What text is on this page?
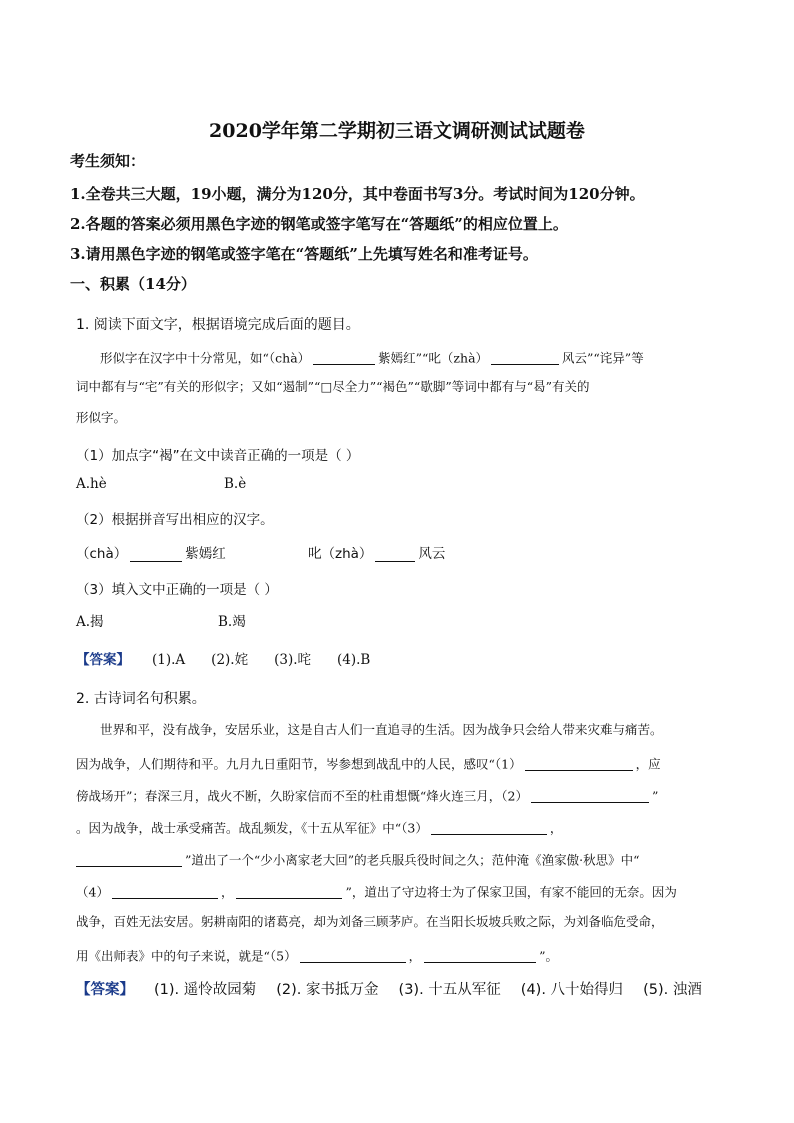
2020学年第二学期初三语文调研测试试题卷
考生须知：
1.全卷共三大题，19小题，满分为120分，其中卷面书写3分。考试时间为120分钟。
2.各题的答案必须用黑色字迹的钢笔或签字笔写在“答题纸”的相应位置上。
3.请用黑色字迹的钢笔或签字笔在“答题纸”上先填写姓名和准考证号。
一、积累（14分）
1. 阅读下面文字，根据语境完成后面的题目。
形似字在汉字中十分常见，如“（chà）	紫嫣红”“叱（zhà）	风云”“诧异”等
词中都有与“宅”有关的形似字；又如“遏制”“□尽全力”“褐色”“歇脚”等词中都有与“曷”有关的
形似字。
（1）加点字“褐”在文中读音正确的一项是（ ）
A.hè	B.è
（2）根据拼音写出相应的汉字。
（chà）	紫嫣红	叱（zhà）	风云
（3）填入文中正确的一项是（ ）
A.揭	B.竭
【答案】 (1).A (2).姹 (3).咤 (4).B
2. 古诗词名句积累。
世界和平，没有战争，安居乐业，这是自古人们一直追寻的生活。因为战争只会给人带来灾难与痛苦。
因为战争，人们期待和平。九月九日重阳节，岑参想到战乱中的人民，感叹“（1）	，应
傍战场开”；春深三月，战火不断，久盼家信而不至的杜甫想慨“烽火连三月，（2）	”
。因为战争，战士承受痛苦。战乱频发，《十五从军征》中“（3）	，
”道出了一个“少小离家老大回”的老兵服兵役时间之久；范仲淹《渔家傲·秋思》中“
（4）	，	”，道出了守边将士为了保家卫国，有家不能回的无奈。因为
战争，百姓无法安居。躬耕南阳的诸葛亮，却为刘备三顾茅庐。在当阳长坂坡兵败之际，为刘备临危受命，
用《出师表》中的句子来说，就是“（5）	，	”。
【答案】 (1). 遥怜故园菊 (2). 家书抵万金 (3). 十五从军征 (4). 八十始得归 (5). 浊酒
